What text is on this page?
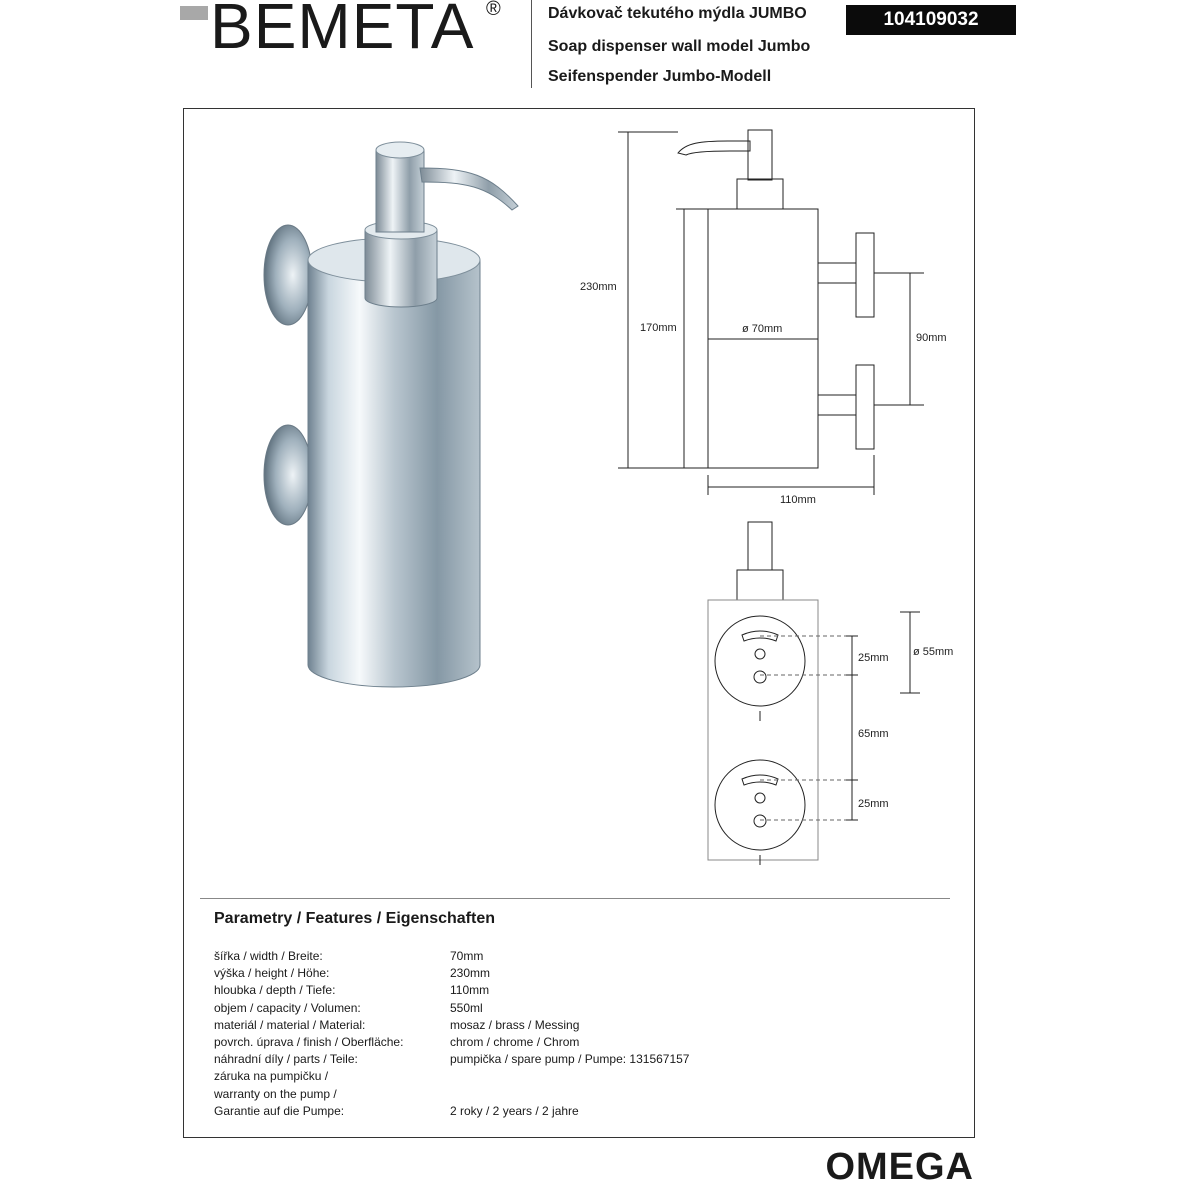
BEMETA ®	Dávkovač tekutého mýdla JUMBO
Soap dispenser wall model Jumbo
Seifenspender Jumbo-Modell
104109032
230mm
170mm	ø 70mm
90mm
110mm
ø 55mm
25mm
65mm
25mm
Parametry / Features / Eigenschaften
šířka / width / Breite:	70mm
výška / height / Höhe:	230mm
hloubka / depth / Tiefe:	110mm
objem / capacity / Volumen:	550ml
materiál / material / Material:	mosaz / brass / Messing
povrch. úprava / finish / Oberfläche:	chrom / chrome / Chrom
náhradní díly / parts / Teile:	pumpička / spare pump / Pumpe: 131567157
záruka na pumpičku /
warranty on the pump /
Garantie auf die Pumpe:	2 roky / 2 years / 2 jahre
OMEGA
